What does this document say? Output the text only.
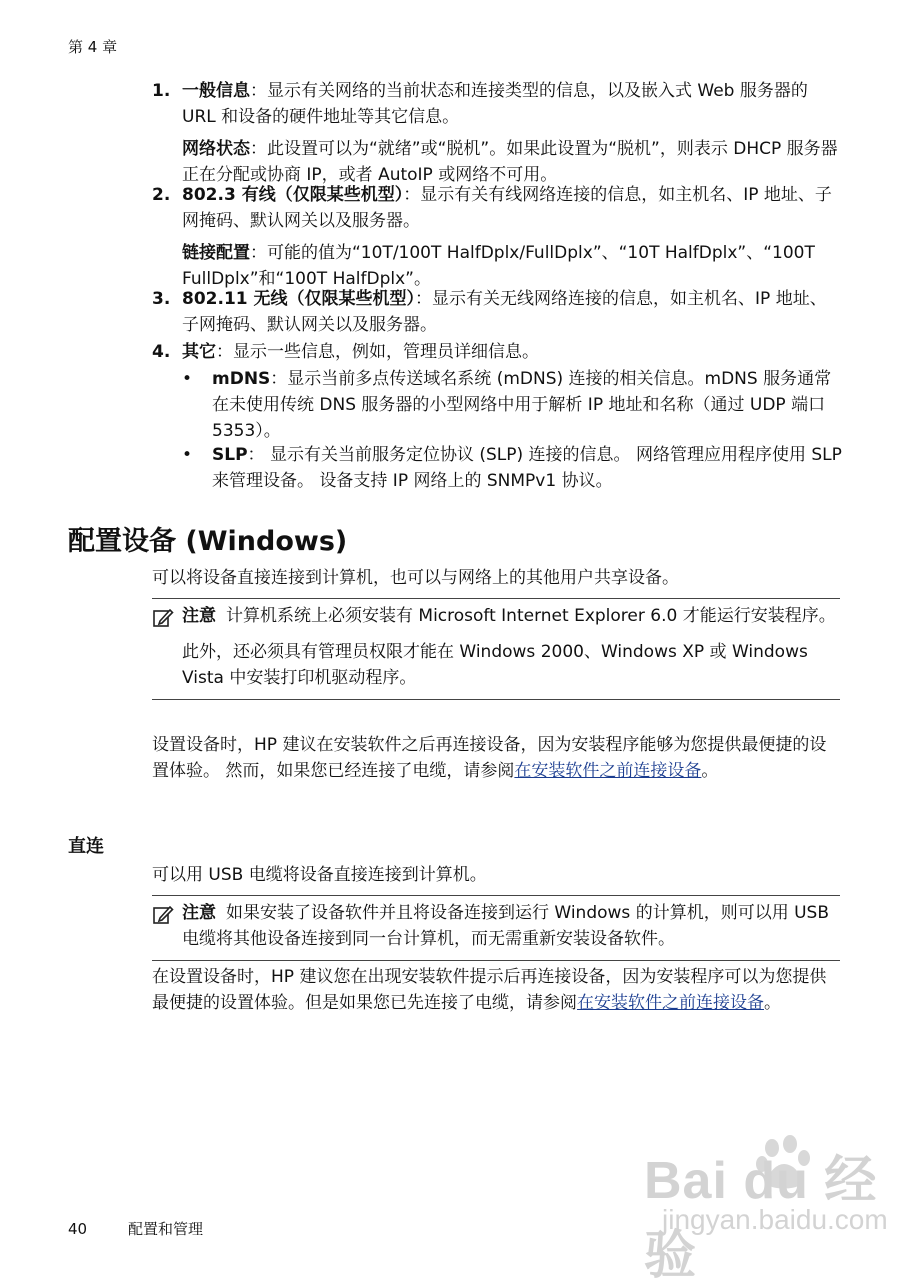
第 4 章
1. 一般信息：显示有关网络的当前状态和连接类型的信息，以及嵌入式 Web 服务器的 URL 和设备的硬件地址等其它信息。

网络状态：此设置可以为“就绪”或“脱机”。如果此设置为“脱机”，则表示 DHCP 服务器正在分配或协商 IP，或者 AutoIP 或网络不可用。

2. 802.3 有线（仅限某些机型）：显示有关有线网络连接的信息，如主机名、IP 地址、子网掩码、默认网关以及服务器。

链接配置：可能的值为“10T/100T HalfDplx/FullDplx”、“10T HalfDplx”、“100T FullDplx”和“100T HalfDplx”。

3. 802.11 无线（仅限某些机型）：显示有关无线网络连接的信息，如主机名、IP 地址、子网掩码、默认网关以及服务器。

4. 其它：显示一些信息，例如，管理员详细信息。

• mDNS：显示当前多点传送域名系统 (mDNS) 连接的相关信息。mDNS 服务通常在未使用传统 DNS 服务器的小型网络中用于解析 IP 地址和名称（通过 UDP 端口 5353）。

• SLP： 显示有关当前服务定位协议 (SLP) 连接的信息。 网络管理应用程序使用 SLP 来管理设备。 设备支持 IP 网络上的 SNMPv1 协议。

配置设备 (Windows)

可以将设备直接连接到计算机，也可以与网络上的其他用户共享设备。

注意 计算机系统上必须安装有 Microsoft Internet Explorer 6.0 才能运行安装程序。

此外，还必须具有管理员权限才能在 Windows 2000、Windows XP 或 Windows Vista 中安装打印机驱动程序。

设置设备时，HP 建议在安装软件之后再连接设备，因为安装程序能够为您提供最便捷的设置体验。 然而，如果您已经连接了电缆，请参阅在安装软件之前连接设备。

直连

可以用 USB 电缆将设备直接连接到计算机。

注意 如果安装了设备软件并且将设备连接到运行 Windows 的计算机，则可以用 USB 电缆将其他设备连接到同一台计算机，而无需重新安装设备软件。

在设置设备时，HP 建议您在出现安装软件提示后再连接设备，因为安装程序可以为您提供最便捷的设置体验。但是如果您已先连接了电缆，请参阅在安装软件之前连接设备。

40	配置和管理
Bai du 经验
jingyan.baidu.com
